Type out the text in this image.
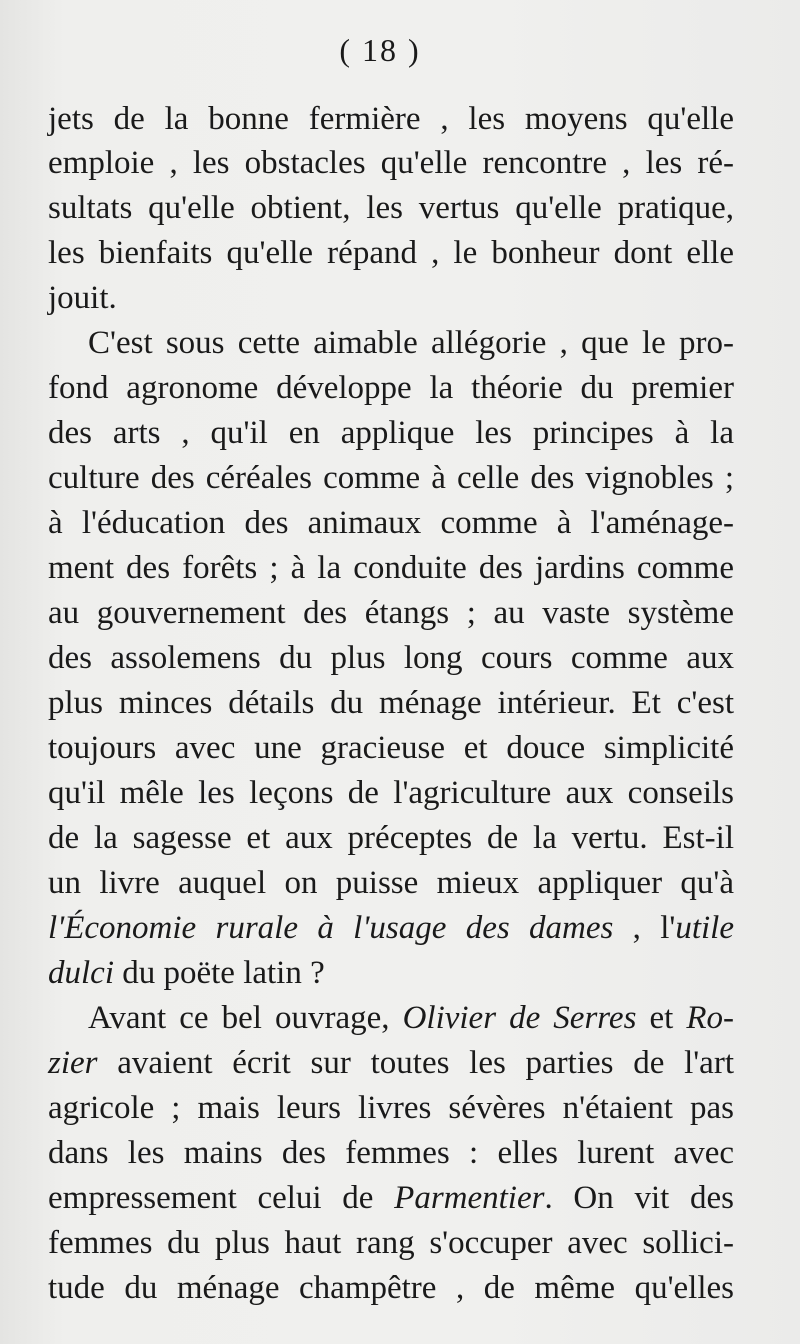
( 18 )
jets de la bonne fermière , les moyens qu'elle
emploie , les obstacles qu'elle rencontre , les ré-
sultats qu'elle obtient, les vertus qu'elle pratique,
les bienfaits qu'elle répand , le bonheur dont elle
jouit.
C'est sous cette aimable allégorie , que le pro-
fond agronome développe la théorie du premier
des arts , qu'il en applique les principes à la
culture des céréales comme à celle des vignobles ;
à l'éducation des animaux comme à l'aménage-
ment des forêts ; à la conduite des jardins comme
au gouvernement des étangs ; au vaste système
des assolemens du plus long cours comme aux
plus minces détails du ménage intérieur. Et c'est
toujours avec une gracieuse et douce simplicité
qu'il mêle les leçons de l'agriculture aux conseils
de la sagesse et aux préceptes de la vertu. Est-il
un livre auquel on puisse mieux appliquer qu'à
l'Économie rurale à l'usage des dames , l'utile
dulci du poëte latin ?
Avant ce bel ouvrage, Olivier de Serres et Ro-
zier avaient écrit sur toutes les parties de l'art
agricole ; mais leurs livres sévères n'étaient pas
dans les mains des femmes : elles lurent avec
empressement celui de Parmentier. On vit des
femmes du plus haut rang s'occuper avec sollici-
tude du ménage champêtre , de même qu'elles
